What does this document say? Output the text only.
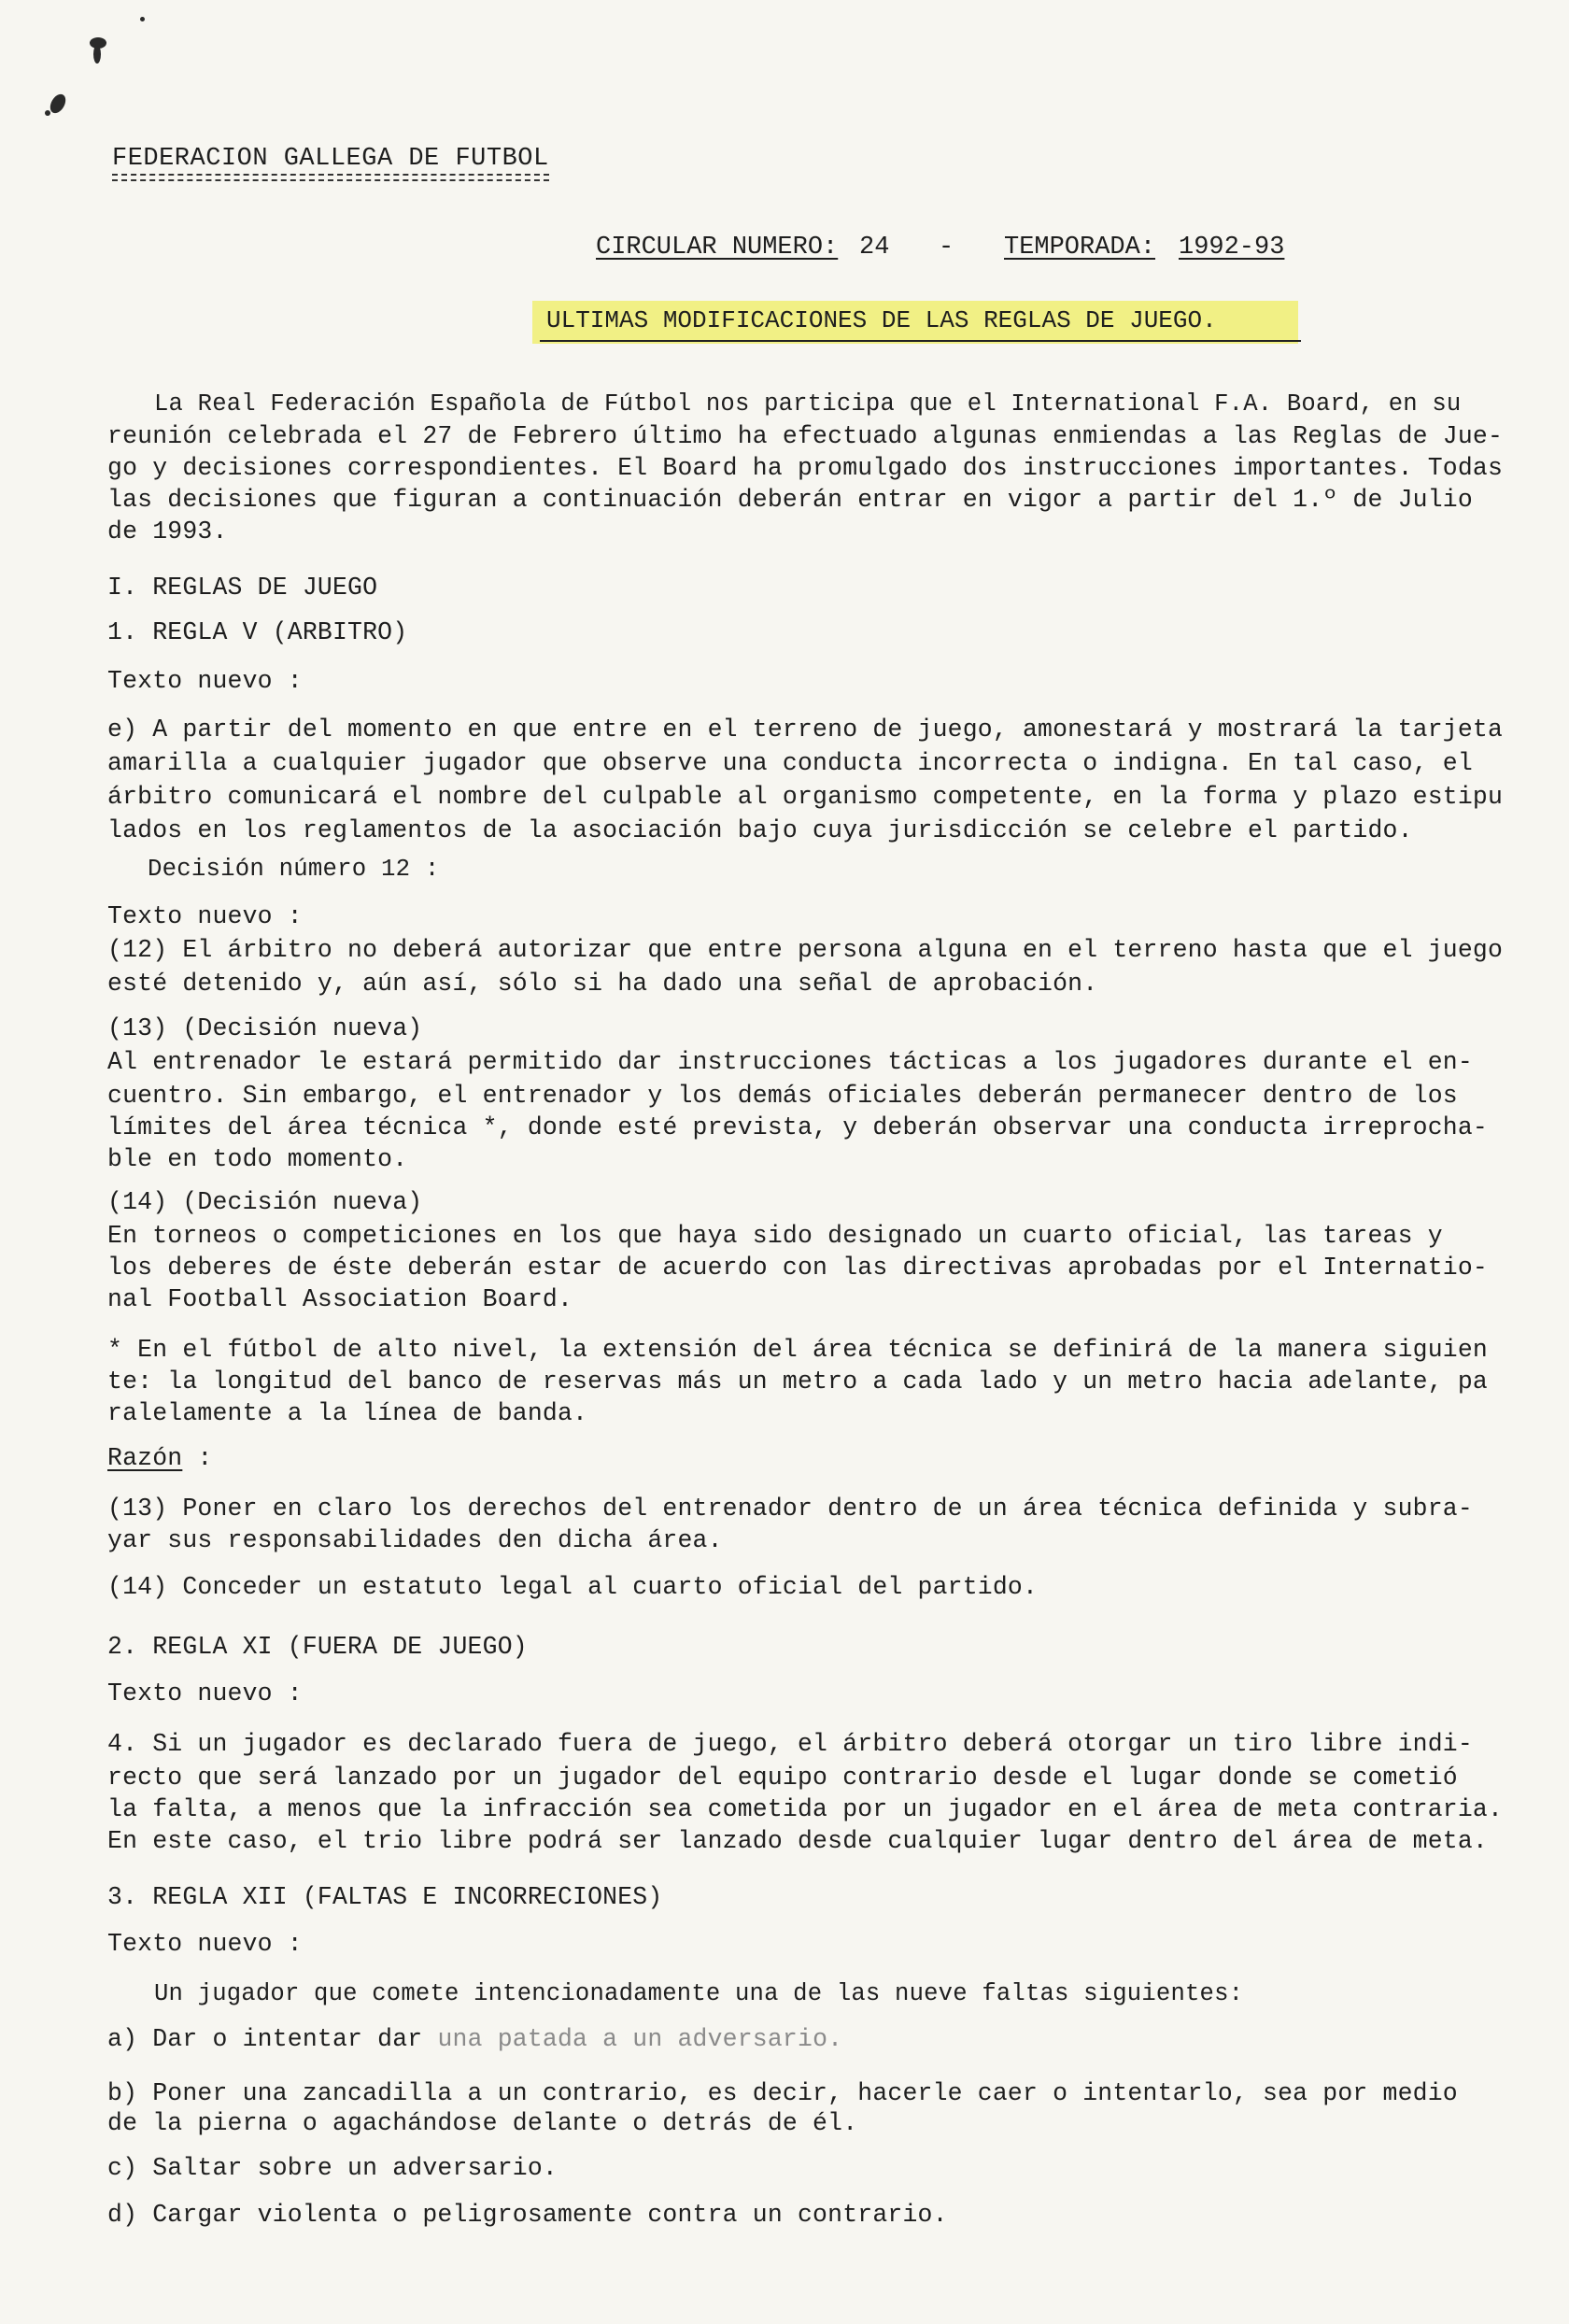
FEDERACION GALLEGA DE FUTBOL
CIRCULAR NUMERO: 24 - TEMPORADA: 1992-93
ULTIMAS MODIFICACIONES DE LAS REGLAS DE JUEGO.
La Real Federación Española de Fútbol nos participa que el International F.A. Board, en su
reunión celebrada el 27 de Febrero último ha efectuado algunas enmiendas a las Reglas de Jue-
go y decisiones correspondientes. El Board ha promulgado dos instrucciones importantes. Todas
las decisiones que figuran a continuación deberán entrar en vigor a partir del 1.º de Julio
de 1993.
I. REGLAS DE JUEGO
1. REGLA V (ARBITRO)
Texto nuevo :
e) A partir del momento en que entre en el terreno de juego, amonestará y mostrará la tarjeta
amarilla a cualquier jugador que observe una conducta incorrecta o indigna. En tal caso, el
árbitro comunicará el nombre del culpable al organismo competente, en la forma y plazo estipu
lados en los reglamentos de la asociación bajo cuya jurisdicción se celebre el partido.
Decisión número 12 :
Texto nuevo :
(12) El árbitro no deberá autorizar que entre persona alguna en el terreno hasta que el juego
esté detenido y, aún así, sólo si ha dado una señal de aprobación.
(13) (Decisión nueva)
Al entrenador le estará permitido dar instrucciones tácticas a los jugadores durante el en-
cuentro. Sin embargo, el entrenador y los demás oficiales deberán permanecer dentro de los
límites del área técnica *, donde esté prevista, y deberán observar una conducta irreprocha-
ble en todo momento.
(14) (Decisión nueva)
En torneos o competiciones en los que haya sido designado un cuarto oficial, las tareas y
los deberes de éste deberán estar de acuerdo con las directivas aprobadas por el Internatio-
nal Football Association Board.
* En el fútbol de alto nivel, la extensión del área técnica se definirá de la manera siguien
te: la longitud del banco de reservas más un metro a cada lado y un metro hacia adelante, pa
ralelamente a la línea de banda.
Razón :
(13) Poner en claro los derechos del entrenador dentro de un área técnica definida y subra-
yar sus responsabilidades den dicha área.
(14) Conceder un estatuto legal al cuarto oficial del partido.
2. REGLA XI (FUERA DE JUEGO)
Texto nuevo :
4. Si un jugador es declarado fuera de juego, el árbitro deberá otorgar un tiro libre indi-
recto que será lanzado por un jugador del equipo contrario desde el lugar donde se cometió
la falta, a menos que la infracción sea cometida por un jugador en el área de meta contraria.
En este caso, el trio libre podrá ser lanzado desde cualquier lugar dentro del área de meta.
3. REGLA XII (FALTAS E INCORRECIONES)
Texto nuevo :
Un jugador que comete intencionadamente una de las nueve faltas siguientes:
a) Dar o intentar dar una patada a un adversario.
b) Poner una zancadilla a un contrario, es decir, hacerle caer o intentarlo, sea por medio
de la pierna o agachándose delante o detrás de él.
c) Saltar sobre un adversario.
d) Cargar violenta o peligrosamente contra un contrario.
